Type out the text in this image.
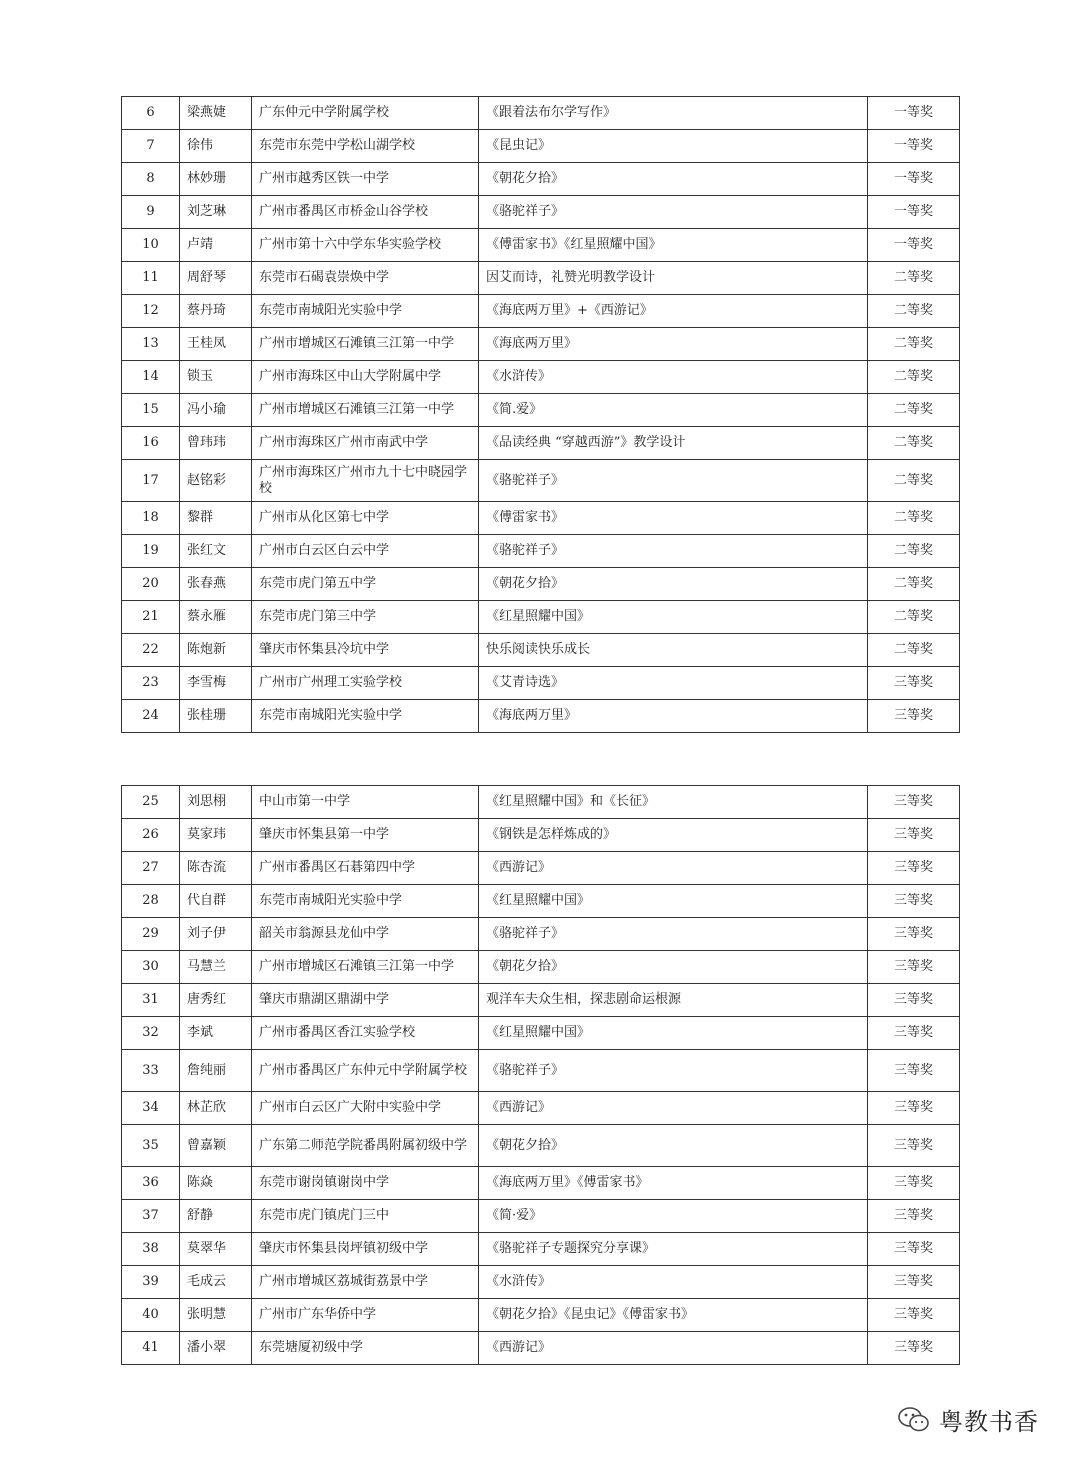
6	梁燕婕	广东仲元中学附属学校	《跟着法布尔学写作》	一等奖
7	徐伟	东莞市东莞中学松山湖学校	《昆虫记》	一等奖
8	林妙珊	广州市越秀区铁一中学	《朝花夕拾》	一等奖
9	刘芝琳	广州市番禺区市桥金山谷学校	《骆驼祥子》	一等奖
10	卢靖	广州市第十六中学东华实验学校	《傅雷家书》《红星照耀中国》	一等奖
11	周舒琴	东莞市石碣袁崇焕中学	因艾而诗，礼赞光明教学设计	二等奖
12	蔡丹琦	东莞市南城阳光实验中学	《海底两万里》+《西游记》	二等奖
13	王桂凤	广州市增城区石滩镇三江第一中学	《海底两万里》	二等奖
14	锁玉	广州市海珠区中山大学附属中学	《水浒传》	二等奖
15	冯小瑜	广州市增城区石滩镇三江第一中学	《简.爱》	二等奖
16	曾玮玮	广州市海珠区广州市南武中学	《品读经典 “穿越西游”》教学设计	二等奖
17	赵铭彩	广州市海珠区广州市九十七中晓园学校	《骆驼祥子》	二等奖
18	黎群	广州市从化区第七中学	《傅雷家书》	二等奖
19	张红文	广州市白云区白云中学	《骆驼祥子》	二等奖
20	张春燕	东莞市虎门第五中学	《朝花夕拾》	二等奖
21	蔡永雁	东莞市虎门第三中学	《红星照耀中国》	二等奖
22	陈炮新	肇庆市怀集县冷坑中学	快乐阅读快乐成长	二等奖
23	李雪梅	广州市广州理工实验学校	《艾青诗选》	三等奖
24	张桂珊	东莞市南城阳光实验中学	《海底两万里》	三等奖
25	刘思栩	中山市第一中学	《红星照耀中国》和《长征》	三等奖
26	莫家玮	肇庆市怀集县第一中学	《钢铁是怎样炼成的》	三等奖
27	陈杏流	广州市番禺区石碁第四中学	《西游记》	三等奖
28	代自群	东莞市南城阳光实验中学	《红星照耀中国》	三等奖
29	刘子伊	韶关市翁源县龙仙中学	《骆驼祥子》	三等奖
30	马慧兰	广州市增城区石滩镇三江第一中学	《朝花夕拾》	三等奖
31	唐秀红	肇庆市鼎湖区鼎湖中学	观洋车夫众生相，探悲剧命运根源	三等奖
32	李斌	广州市番禺区香江实验学校	《红星照耀中国》	三等奖
33	詹纯丽	广州市番禺区广东仲元中学附属学校	《骆驼祥子》	三等奖
34	林芷欣	广州市白云区广大附中实验中学	《西游记》	三等奖
35	曾嘉颖	广东第二师范学院番禺附属初级中学	《朝花夕拾》	三等奖
36	陈焱	东莞市谢岗镇谢岗中学	《海底两万里》《傅雷家书》	三等奖
37	舒静	东莞市虎门镇虎门三中	《简·爱》	三等奖
38	莫翠华	肇庆市怀集县岗坪镇初级中学	《骆驼祥子专题探究分享课》	三等奖
39	毛成云	广州市增城区荔城街荔景中学	《水浒传》	三等奖
40	张明慧	广州市广东华侨中学	《朝花夕拾》《昆虫记》《傅雷家书》	三等奖
41	潘小翠	东莞塘厦初级中学	《西游记》	三等奖
粤教书香
